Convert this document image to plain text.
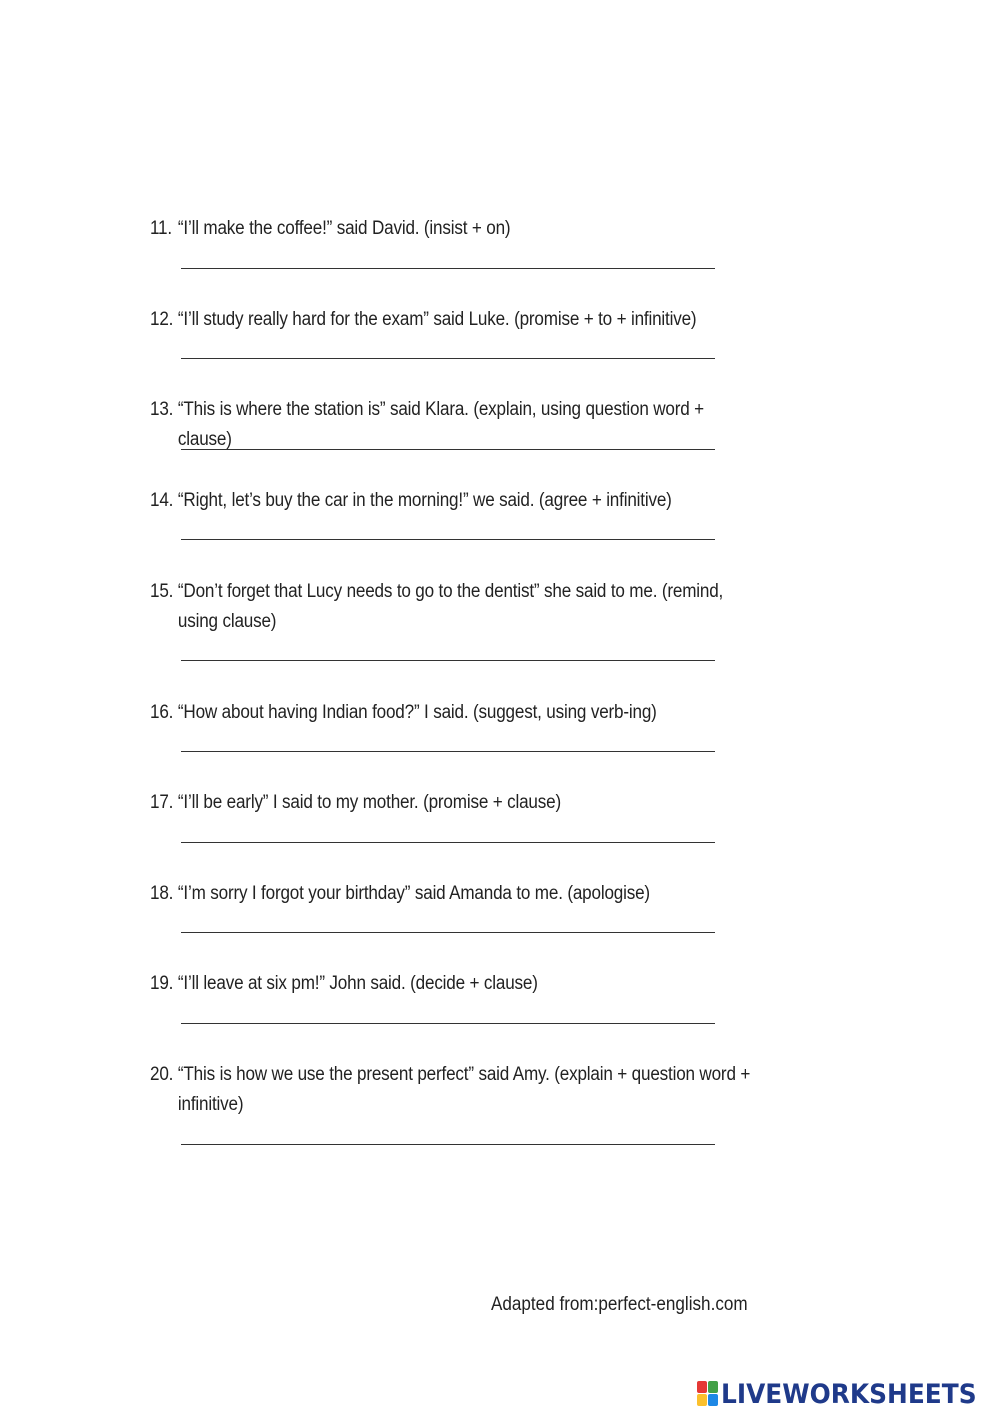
11. “I’ll make the coffee!” said David. (insist + on)
12. “I’ll study really hard for the exam” said Luke. (promise + to + infinitive)
13. “This is where the station is” said Klara. (explain, using question word + clause)
14. “Right, let’s buy the car in the morning!” we said. (agree + infinitive)
15. “Don’t forget that Lucy needs to go to the dentist” she said to me. (remind, using clause)
16. “How about having Indian food?” I said. (suggest, using verb-ing)
17. “I’ll be early” I said to my mother. (promise + clause)
18. “I’m sorry I forgot your birthday” said Amanda to me. (apologise)
19. “I’ll leave at six pm!” John said. (decide + clause)
20. “This is how we use the present perfect” said Amy. (explain + question word + infinitive)
Adapted from:perfect-english.com
LIVEWORKSHEETS
